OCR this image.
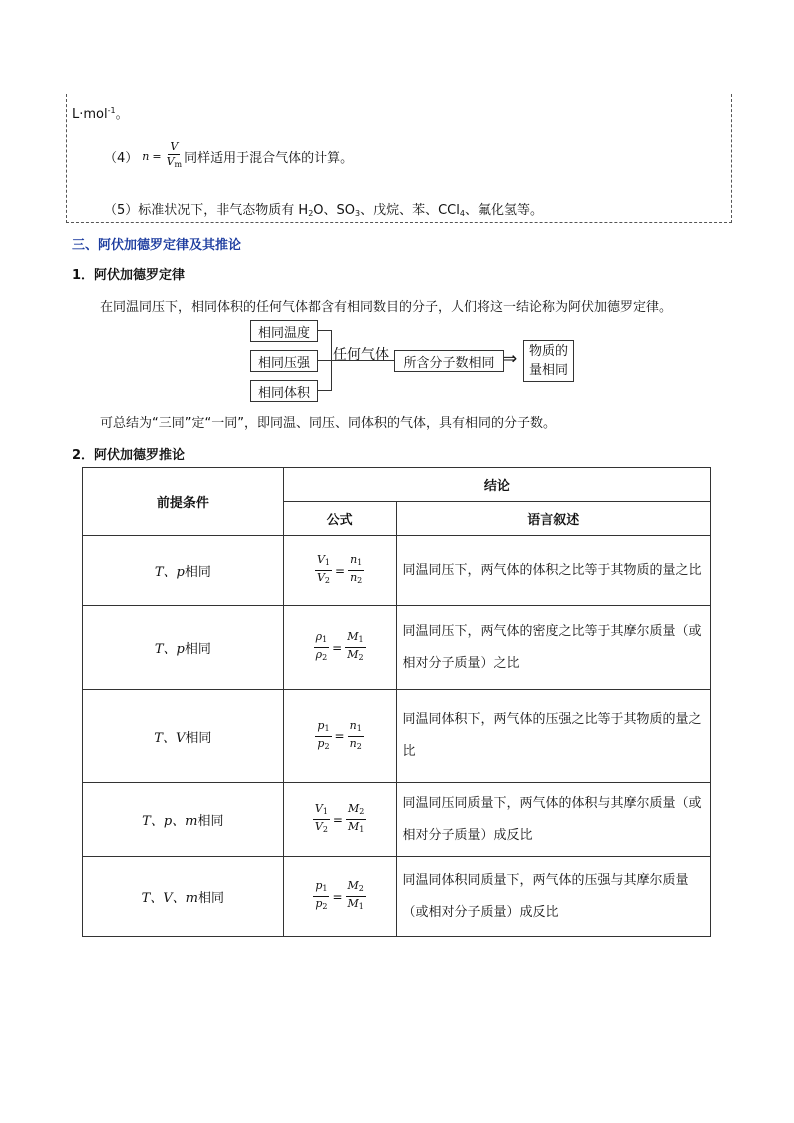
L·mol$^{-1}$。
（4） $n = \frac{V}{V_m}$ 同样适用于混合气体的计算。
（5）标准状况下，非气态物质有 $H_2O$、$SO_3$、戊烷、苯、CCl$_4$、氟化氢等。
三、阿伏加德罗定律及其推论
1．阿伏加德罗定律
在同温同压下，相同体积的任何气体都含有相同数目的分子，人们将这一结论称为阿伏加德罗定律。
相同温度
相同压强
相同体积
任何气体	所含分子数相同 ⇒ 物质的
量相同
可总结为“三同”定“一同”，即同温、同压、同体积的气体，具有相同的分子数。
2．阿伏加德罗推论
前提条件	结论	
	公式	语言叙述
T、p相同	$\frac{V_1}{V_2} = \frac{n_1}{n_2}$	同温同压下，两气体的体积之比等于其物质的量之比
T、p相同	$\frac{\rho_1}{\rho_2} = \frac{M_1}{M_2}$	同温同压下，两气体的密度之比等于其摩尔质量（或相对分子质量）之比
T、V相同	$\frac{p_1}{p_2} = \frac{n_1}{n_2}$	同温同体积下，两气体的压强之比等于其物质的量之比
T、p、m相同	$\frac{V_1}{V_2} = \frac{M_2}{M_1}$	同温同压同质量下，两气体的体积与其摩尔质量（或相对分子质量）成反比
T、V、m相同	$\frac{p_1}{p_2} = \frac{M_2}{M_1}$	同温同体积同质量下，两气体的压强与其摩尔质量（或相对分子质量）成反比
